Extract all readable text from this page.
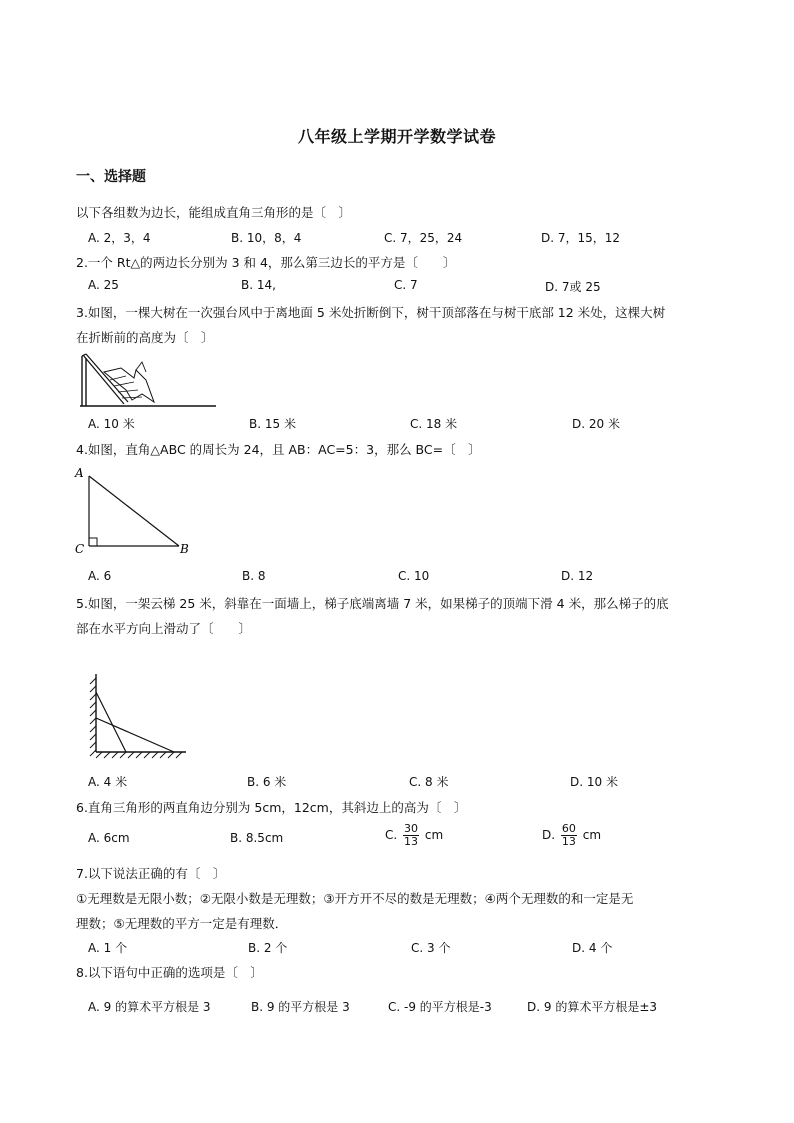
八年级上学期开学数学试卷
一、选择题
以下各组数为边长，能组成直角三角形的是〔　〕
A. 2，3，4	B. 10，8，4	C. 7，25，24	D. 7，15，12
2.一个 Rt△的两边长分别为 3 和 4，那么第三边长的平方是〔　　〕
A. 25	B. 14,	C. 7	D. 7或 25
3.如图，一棵大树在一次强台风中于离地面 5 米处折断倒下，树干顶部落在与树干底部 12 米处，这棵大树
在折断前的高度为〔　〕
A. 10 米	B. 15 米	C. 18 米	D. 20 米
4.如图，直角△ABC 的周长为 24，且 AB：AC=5：3，那么 BC=〔　〕
A
C	B
A. 6	B. 8	C. 10	D. 12
5.如图，一架云梯 25 米，斜靠在一面墙上，梯子底端离墙 7 米，如果梯子的顶端下滑 4 米，那么梯子的底
部在水平方向上滑动了〔　　〕
A. 4 米	B. 6 米	C. 8 米	D. 10 米
6.直角三角形的两直角边分别为 5cm，12cm，其斜边上的高为〔　〕
A. 6cm	B. 8.5cm	C. $\frac{30}{13}$ cm	D. $\frac{60}{13}$ cm
7.以下说法正确的有〔　〕
①无理数是无限小数；②无限小数是无理数；③开方开不尽的数是无理数；④两个无理数的和一定是无
理数；⑤无理数的平方一定是有理数．
A. 1 个	B. 2 个	C. 3 个	D. 4 个
8.以下语句中正确的选项是〔　〕
A. 9 的算术平方根是 3	B. 9 的平方根是 3	C. -9 的平方根是-3	D. 9 的算术平方根是±3
